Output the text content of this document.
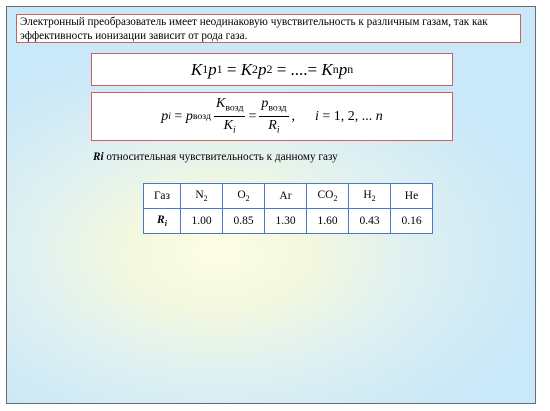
Электронный преобразователь имеет неодинаковую чувствительность к различным газам, так как эффективность ионизации зависит от рода газа.
K 1 p 1
=
K 2 p 2
=
.... =
K n p n
p i
=
p возд $\frac{K_{возд}}{K_i} = \frac{p_{возд}}{R_i}$ , i
= 1, 2, ...
n
Ri относительная чувствительность к данному газу
Газ	$N_2$	$O_2$	Ar	$CO_2$	$H_2$	He
$R_i$	1.00	0.85	1.30	1.60	0.43	0.16
